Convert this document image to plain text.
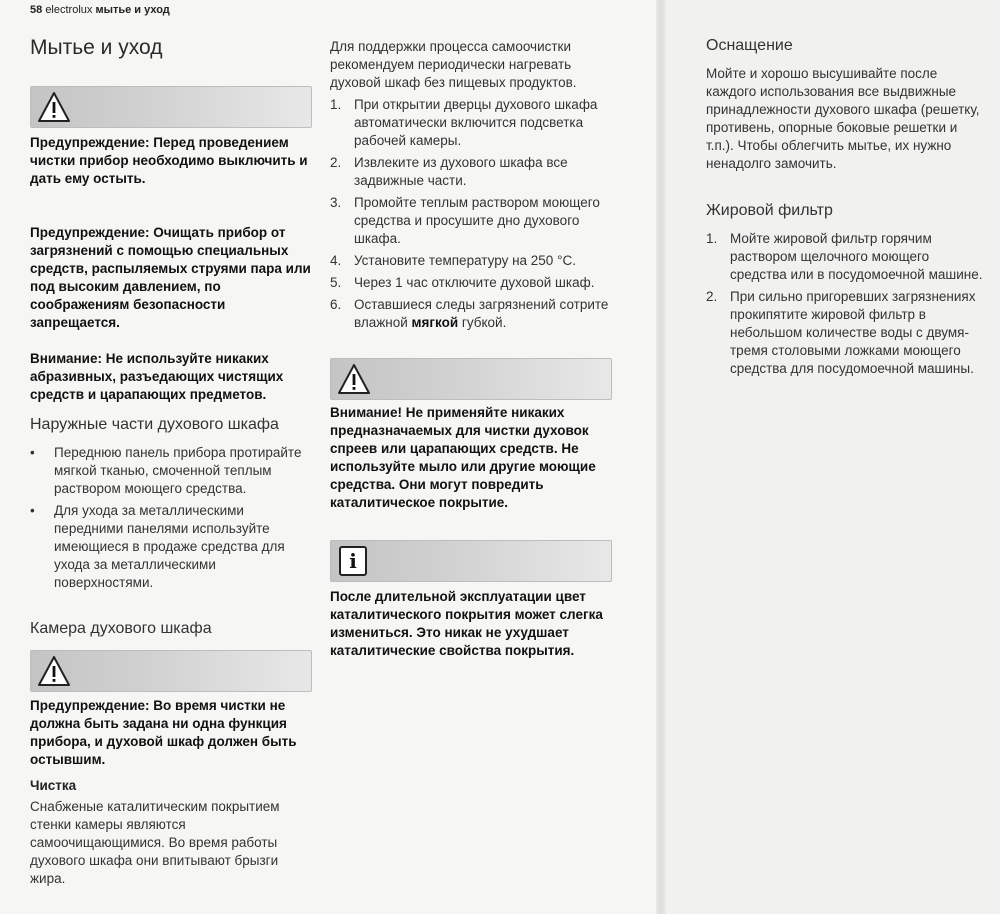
58 electrolux мытье и уход
Мытье и уход

Предупреждение: Перед проведением чистки прибор необходимо выключить и дать ему остыть.

Предупреждение: Очищать прибор от загрязнений с помощью специальных средств, распыляемых струями пара или под высоким давлением, по соображениям безопасности запрещается.

Внимание: Не используйте никаких абразивных, разъедающих чистящих средств и царапающих предметов.

Наружные части духового шкафа
• Переднюю панель прибора протирайте мягкой тканью, смоченной теплым раствором моющего средства.
• Для ухода за металлическими передними панелями используйте имеющиеся в продаже средства для ухода за металлическими поверхностями.
Камера духового шкафа

Предупреждение: Во время чистки не должна быть задана ни одна функция прибора, и духовой шкаф должен быть остывшим.

Чистка

Снабженые каталитическим покрытием стенки камеры являются самоочищающимися. Во время работы духового шкафа они впитывают брызги жира.

Для поддержки процесса самоочистки рекомендуем периодически нагревать духовой шкаф без пищевых продуктов.

1. При открытии дверцы духового шкафа автоматически включится подсветка рабочей камеры.
2. Извлеките из духового шкафа все задвижные части.
3. Промойте теплым раствором моющего средства и просушите дно духового шкафа.
4. Установите температуру на 250 °C.
5. Через 1 час отключите духовой шкаф.
6. Оставшиеся следы загрязнений сотрите влажной мягкой губкой.

Внимание! Не применяйте никаких предназначаемых для чистки духовок спреев или царапающих средств. Не используйте мыло или другие моющие средства. Они могут повредить каталитическое покрытие.

i

После длительной эксплуатации цвет каталитического покрытия может слегка измениться. Это никак не ухудшает каталитические свойства покрытия.

Оснащение

Мойте и хорошо высушивайте после каждого использования все выдвижные принадлежности духового шкафа (решетку, противень, опорные боковые решетки и т.п.). Чтобы облегчить мытье, их нужно ненадолго замочить.

Жировой фильтр
1. Мойте жировой фильтр горячим раствором щелочного моющего средства или в посудомоечной машине.
2. При сильно пригоревших загрязнениях прокипятите жировой фильтр в небольшом количестве воды с двумя-тремя столовыми ложками моющего средства для посудомоечной машины.
